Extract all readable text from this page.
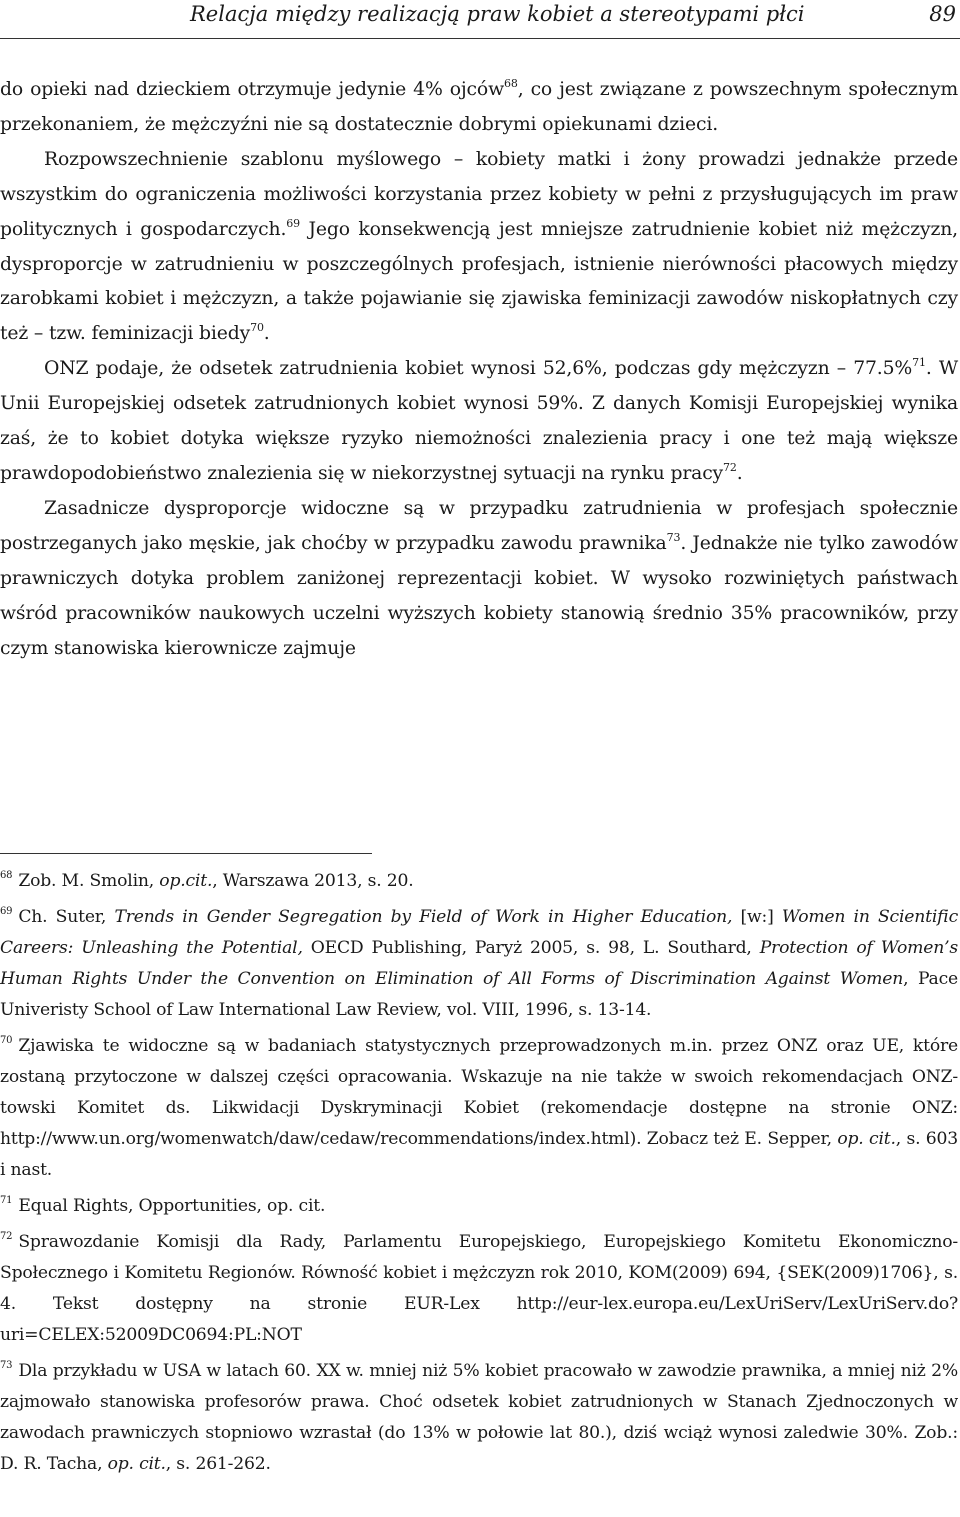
Relacja między realizacją praw kobiet a stereotypami płci	89

do opieki nad dzieckiem otrzymuje jedynie 4% ojców$^{68}$, co jest związane z powszechnym społecznym przekonaniem, że mężczyźni nie są dostatecznie dobrymi opiekunami dzieci.

Rozpowszechnienie szablonu myślowego – kobiety matki i żony prowadzi jednakże przede wszystkim do ograniczenia możliwości korzystania przez kobiety w pełni z przysługujących im praw politycznych i gospodarczych.$^{69}$ Jego konsekwencją jest mniejsze zatrudnienie kobiet niż mężczyzn, dysproporcje w zatrudnieniu w poszczególnych profesjach, istnienie nierówności płacowych między zarobkami kobiet i mężczyzn, a także pojawianie się zjawiska feminizacji zawodów niskopłatnych czy też – tzw. feminizacji biedy$^{70}$.

ONZ podaje, że odsetek zatrudnienia kobiet wynosi 52,6%, podczas gdy mężczyzn – 77.5%$^{71}$. W Unii Europejskiej odsetek zatrudnionych kobiet wynosi 59%. Z danych Komisji Europejskiej wynika zaś, że to kobiet dotyka większe ryzyko niemożności znalezienia pracy i one też mają większe prawdopodobieństwo znalezienia się w niekorzystnej sytuacji na rynku pracy$^{72}$.

Zasadnicze dysproporcje widoczne są w przypadku zatrudnienia w profesjach społecznie postrzeganych jako męskie, jak choćby w przypadku zawodu prawnika$^{73}$. Jednakże nie tylko zawodów prawniczych dotyka problem zaniżonej reprezentacji kobiet. W wysoko rozwiniętych państwach wśród pracowników naukowych uczelni wyższych kobiety stanowią średnio 35% pracowników, przy czym stanowiska kierownicze zajmuje

$^{68}$ Zob. M. Smolin, op.cit., Warszawa 2013, s. 20.

$^{69}$ Ch. Suter, Trends in Gender Segregation by Field of Work in Higher Education, [w:] Women in Scientific Careers: Unleashing the Potential, OECD Publishing, Paryż 2005, s. 98, L. Southard, Protection of Women’s Human Rights Under the Convention on Elimination of All Forms of Discrimination Against Women, Pace Univeristy School of Law International Law Review, vol. VIII, 1996, s. 13-14.

$^{70}$ Zjawiska te widoczne są w badaniach statystycznych przeprowadzonych m.in. przez ONZ oraz UE, które zostaną przytoczone w dalszej części opracowania. Wskazuje na nie także w swoich rekomendacjach ONZ-towski Komitet ds. Likwidacji Dyskryminacji Kobiet (rekomendacje dostępne na stronie ONZ: http://www.un.org/womenwatch/daw/cedaw/recommendations/index.html). Zobacz też E. Sepper, op. cit., s. 603 i nast.

$^{71}$ Equal Rights, Opportunities, op. cit.

$^{72}$ Sprawozdanie Komisji dla Rady, Parlamentu Europejskiego, Europejskiego Komitetu Ekonomiczno-Społecznego i Komitetu Regionów. Równość kobiet i mężczyzn rok 2010, KOM(2009) 694, {SEK(2009)1706}, s. 4. Tekst dostępny na stronie EUR-Lex http://eur-lex.europa.eu/LexUriServ/LexUriServ.do?uri=CELEX:52009DC0694:PL:NOT

$^{73}$ Dla przykładu w USA w latach 60. XX w. mniej niż 5% kobiet pracowało w zawodzie prawnika, a mniej niż 2% zajmowało stanowiska profesorów prawa. Choć odsetek kobiet zatrudnionych w Stanach Zjednoczonych w zawodach prawniczych stopniowo wzrastał (do 13% w połowie lat 80.), dziś wciąż wynosi zaledwie 30%. Zob.: D. R. Tacha, op. cit., s. 261-262.
